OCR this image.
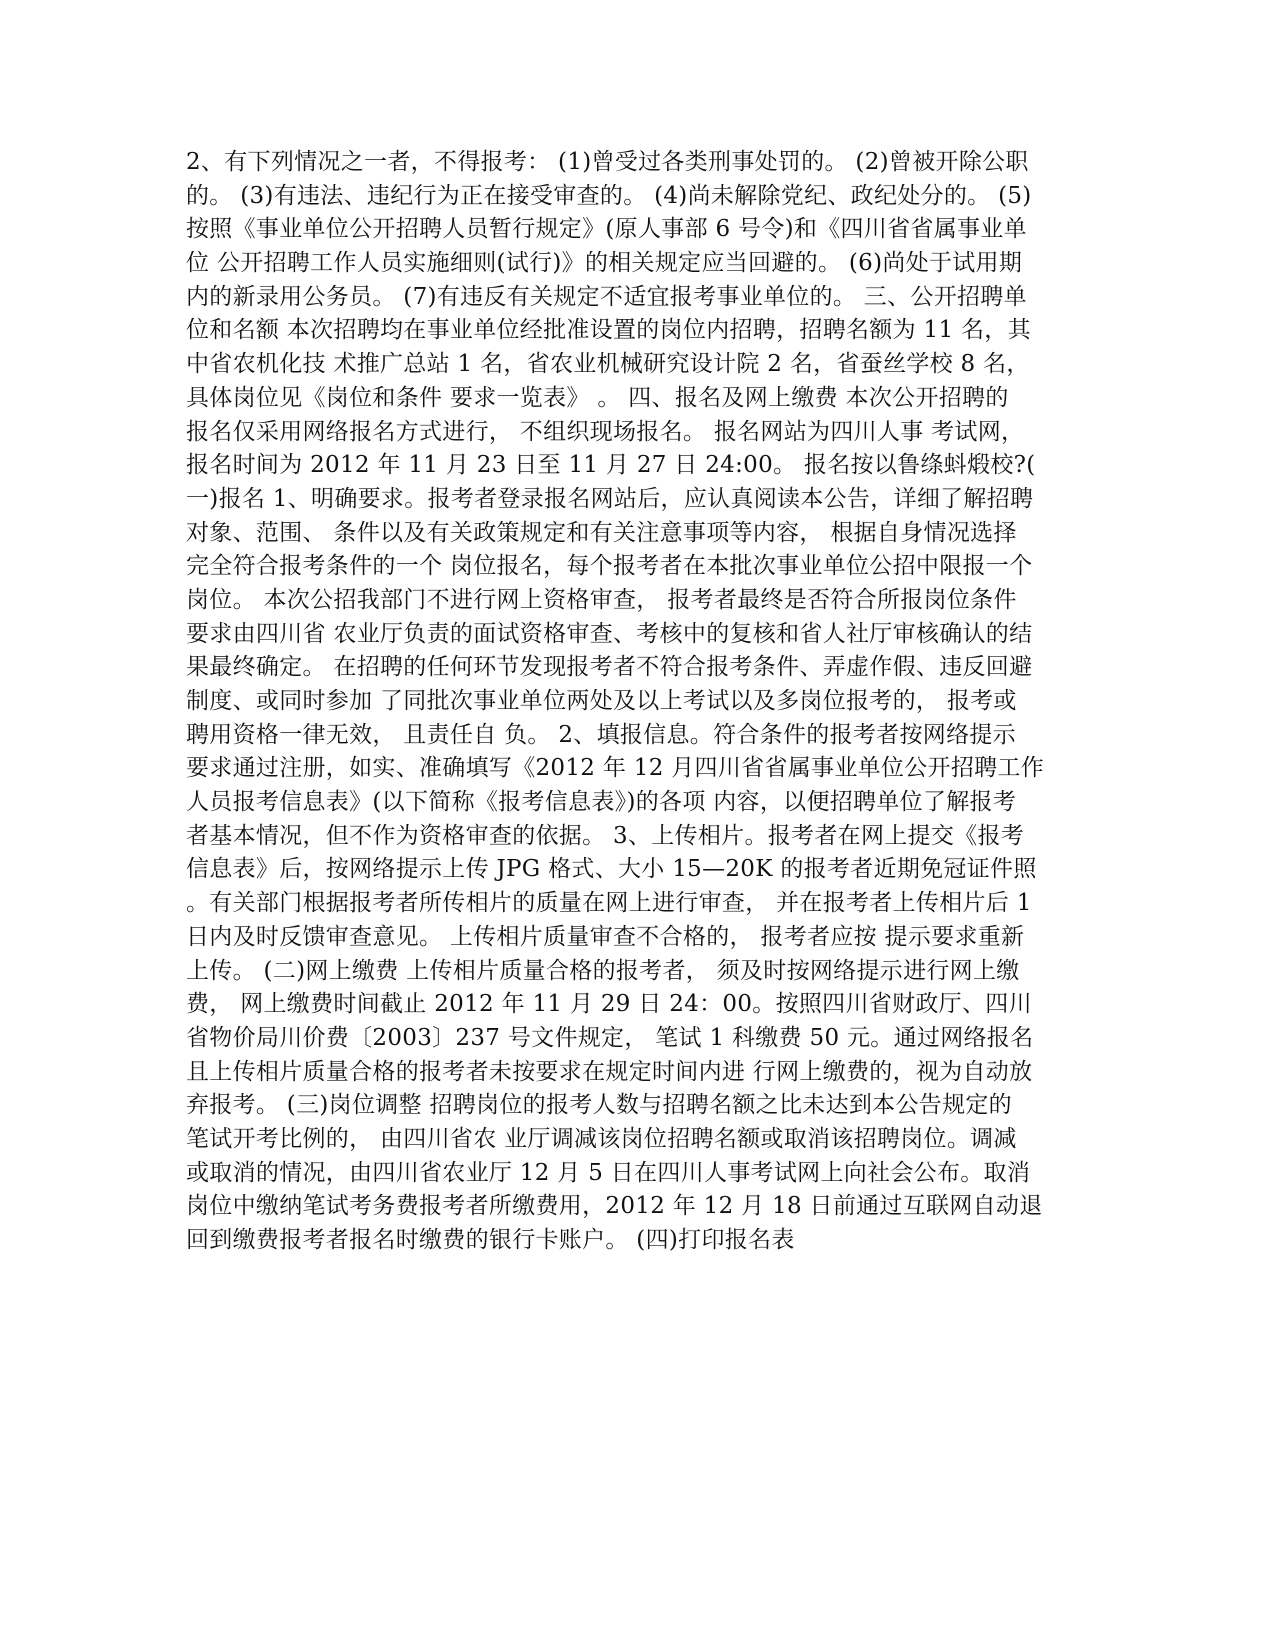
2、有下列情况之一者，不得报考： (1)曾受过各类刑事处罚的。 (2)曾被开除公职
的。 (3)有违法、违纪行为正在接受审查的。 (4)尚未解除党纪、政纪处分的。 (5)
按照《事业单位公开招聘人员暂行规定》(原人事部 6 号令)和《四川省省属事业单
位 公开招聘工作人员实施细则(试行)》的相关规定应当回避的。 (6)尚处于试用期
内的新录用公务员。 (7)有违反有关规定不适宜报考事业单位的。 三、公开招聘单
位和名额 本次招聘均在事业单位经批准设置的岗位内招聘，招聘名额为 11 名，其
中省农机化技 术推广总站 1 名，省农业机械研究设计院 2 名，省蚕丝学校 8 名，
具体岗位见《岗位和条件 要求一览表》 。 四、报名及网上缴费 本次公开招聘的
报名仅采用网络报名方式进行， 不组织现场报名。 报名网站为四川人事 考试网，
报名时间为 2012 年 11 月 23 日至 11 月 27 日 24:00。 报名按以鲁绦蚪煅校?(
一)报名 1、明确要求。报考者登录报名网站后，应认真阅读本公告，详细了解招聘
对象、范围、 条件以及有关政策规定和有关注意事项等内容， 根据自身情况选择
完全符合报考条件的一个 岗位报名，每个报考者在本批次事业单位公招中限报一个
岗位。 本次公招我部门不进行网上资格审查， 报考者最终是否符合所报岗位条件
要求由四川省 农业厅负责的面试资格审查、考核中的复核和省人社厅审核确认的结
果最终确定。 在招聘的任何环节发现报考者不符合报考条件、弄虚作假、违反回避
制度、或同时参加 了同批次事业单位两处及以上考试以及多岗位报考的， 报考或
聘用资格一律无效， 且责任自 负。 2、填报信息。符合条件的报考者按网络提示
要求通过注册，如实、准确填写《2012 年 12 月四川省省属事业单位公开招聘工作
人员报考信息表》(以下简称《报考信息表》)的各项 内容，以便招聘单位了解报考
者基本情况，但不作为资格审查的依据。 3、上传相片。报考者在网上提交《报考
信息表》后，按网络提示上传 JPG 格式、大小 15—20K 的报考者近期免冠证件照
。有关部门根据报考者所传相片的质量在网上进行审查， 并在报考者上传相片后 1
日内及时反馈审查意见。 上传相片质量审查不合格的， 报考者应按 提示要求重新
上传。 (二)网上缴费 上传相片质量合格的报考者， 须及时按网络提示进行网上缴
费， 网上缴费时间截止 2012 年 11 月 29 日 24：00。按照四川省财政厅、四川
省物价局川价费〔2003〕237 号文件规定， 笔试 1 科缴费 50 元。通过网络报名
且上传相片质量合格的报考者未按要求在规定时间内进 行网上缴费的，视为自动放
弃报考。 (三)岗位调整 招聘岗位的报考人数与招聘名额之比未达到本公告规定的
笔试开考比例的， 由四川省农 业厅调减该岗位招聘名额或取消该招聘岗位。调减
或取消的情况，由四川省农业厅 12 月 5 日在四川人事考试网上向社会公布。取消
岗位中缴纳笔试考务费报考者所缴费用，2012 年 12 月 18 日前通过互联网自动退
回到缴费报考者报名时缴费的银行卡账户。 (四)打印报名表
